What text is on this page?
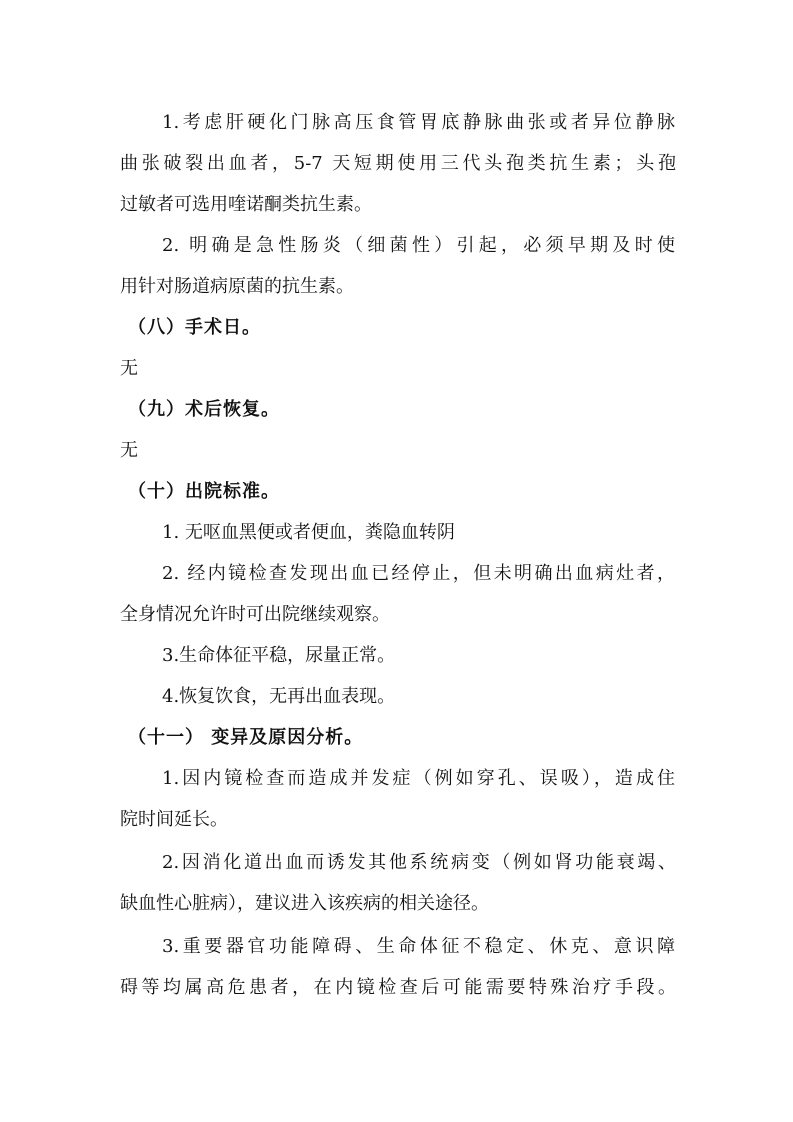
1.考虑肝硬化门脉高压食管胃底静脉曲张或者异位静脉
曲张破裂出血者，5-7 天短期使用三代头孢类抗生素；头孢
过敏者可选用喹诺酮类抗生素。
2. 明确是急性肠炎（细菌性）引起，必须早期及时使
用针对肠道病原菌的抗生素。
（八）手术日。
无
（九）术后恢复。
无
（十）出院标准。
1. 无呕血黑便或者便血，粪隐血转阴
2. 经内镜检查发现出血已经停止，但未明确出血病灶者，
全身情况允许时可出院继续观察。
3.生命体征平稳，尿量正常。
4.恢复饮食，无再出血表现。
（十一） 变异及原因分析。
1.因内镜检查而造成并发症（例如穿孔、误吸），造成住
院时间延长。
2.因消化道出血而诱发其他系统病变（例如肾功能衰竭、
缺血性心脏病），建议进入该疾病的相关途径。
3.重要器官功能障碍、生命体征不稳定、休克、意识障
碍等均属高危患者，在内镜检查后可能需要特殊治疗手段。
